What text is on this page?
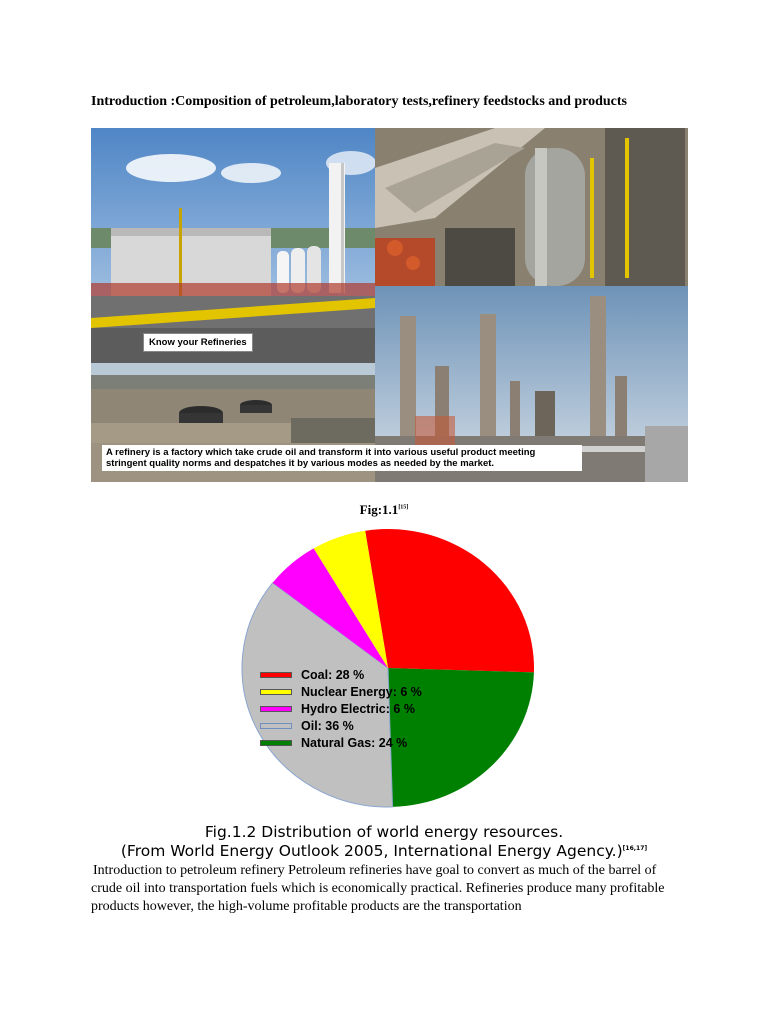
Introduction :Composition of petroleum,laboratory tests,refinery feedstocks and products
Know your Refineries
A refinery is a factory which take crude oil and transform it into various useful product meeting stringent quality norms and despatches it by various modes as needed by the market.
Fig:1.1[15]
Coal: 28 %
Nuclear Energy: 6 %
Hydro Electric: 6 %
Oil: 36 %
Natural Gas: 24 %
Fig.1.2 Distribution of world energy resources.
(From World Energy Outlook 2005, International Energy Agency.)[16,17]
Introduction to petroleum refinery Petroleum refineries have goal to convert as much of the barrel of crude oil into transportation fuels which is economically practical. Refineries produce many profitable products however, the high-volume profitable products are the transportation
